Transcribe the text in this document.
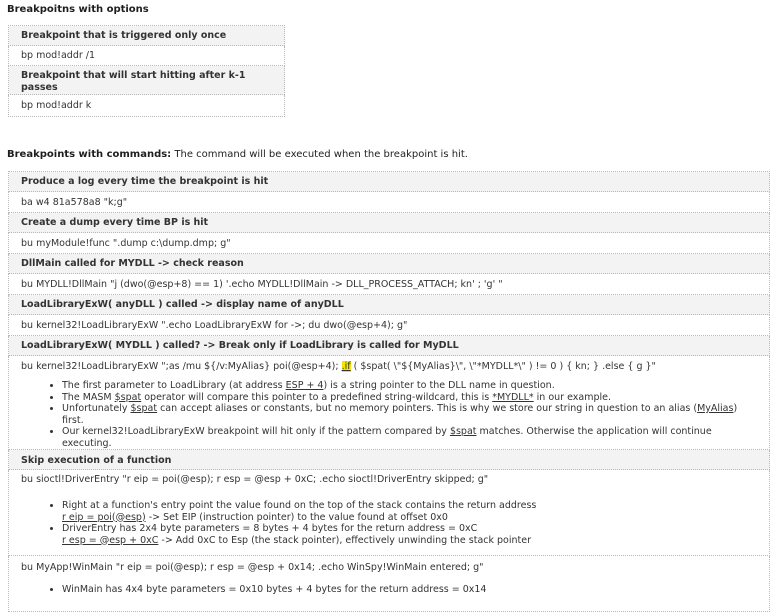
Breakpoitns with options
Breakpoint that is triggered only once
bp mod!addr /1
Breakpoint that will start hitting after k-1 passes
bp mod!addr k
Breakpoints with commands: The command will be executed when the breakpoint is hit.
Produce a log every time the breakpoint is hit
ba w4 81a578a8 "k;g"
Create a dump every time BP is hit
bu myModule!func ".dump c:\dump.dmp; g"
DllMain called for MYDLL -> check reason
bu MYDLL!DllMain "j (dwo(@esp+8) == 1) '.echo MYDLL!DllMain -> DLL_PROCESS_ATTACH; kn' ; 'g' "
LoadLibraryExW( anyDLL ) called -> display name of anyDLL
bu kernel32!LoadLibraryExW ".echo LoadLibraryExW for ->; du dwo(@esp+4); g"
LoadLibraryExW( MYDLL ) called? -> Break only if LoadLibrary is called for MyDLL

bu kernel32!LoadLibraryExW ";as /mu ${/v:MyAlias} poi(@esp+4); .if ( $spat( \"${MyAlias}\", \"*MYDLL*\" ) != 0 ) { kn; } .else { g }"
• The first parameter to LoadLibrary (at address ESP + 4) is a string pointer to the DLL name in question.
• The MASM $spat operator will compare this pointer to a predefined string-wildcard, this is *MYDLL* in our example.
• Unfortunately $spat can accept aliases or constants, but no memory pointers. This is why we store our string in question to an alias (MyAlias) first.
• Our kernel32!LoadLibraryExW breakpoint will hit only if the pattern compared by $spat matches. Otherwise the application will continue executing.

Skip execution of a function

bu sioctl!DriverEntry "r eip = poi(@esp); r esp = @esp + 0xC; .echo sioctl!DriverEntry skipped; g"
• Right at a function's entry point the value found on the top of the stack contains the return address
r eip = poi(@esp) -> Set EIP (instruction pointer) to the value found at offset 0x0
• DriverEntry has 2x4 byte parameters = 8 bytes + 4 bytes for the return address = 0xC
r esp = @esp + 0xC -> Add 0xC to Esp (the stack pointer), effectively unwinding the stack pointer

bu MyApp!WinMain "r eip = poi(@esp); r esp = @esp + 0x14; .echo WinSpy!WinMain entered; g"
• WinMain has 4x4 byte parameters = 0x10 bytes + 4 bytes for the return address = 0x14
